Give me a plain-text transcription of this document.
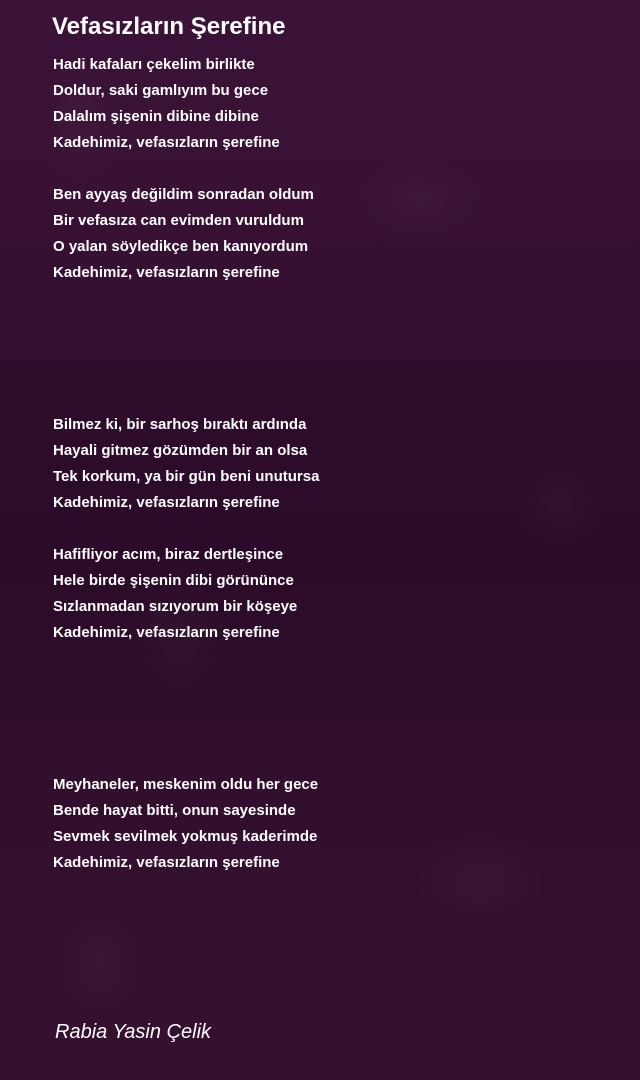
Vefasızların Şerefine
Hadi kafaları çekelim birlikte
Doldur, saki gamlıyım bu gece
Dalalım şişenin dibine dibine
Kadehimiz, vefasızların şerefine
Ben ayyaş değildim sonradan oldum
Bir vefasıza can evimden vuruldum
O yalan söyledikçe ben kanıyordum
Kadehimiz, vefasızların şerefine
Bilmez ki, bir sarhoş bıraktı ardında
Hayali gitmez gözümden bir an olsa
Tek korkum, ya bir gün beni unutursa
Kadehimiz, vefasızların şerefine
Hafifliyor acım, biraz dertleşince
Hele birde şişenin dibi görününce
Sızlanmadan sızıyorum bir köşeye
Kadehimiz, vefasızların şerefine
Meyhaneler, meskenim oldu her gece
Bende hayat bitti, onun sayesinde
Sevmek sevilmek yokmuş kaderimde
Kadehimiz, vefasızların şerefine
Rabia Yasin Çelik
